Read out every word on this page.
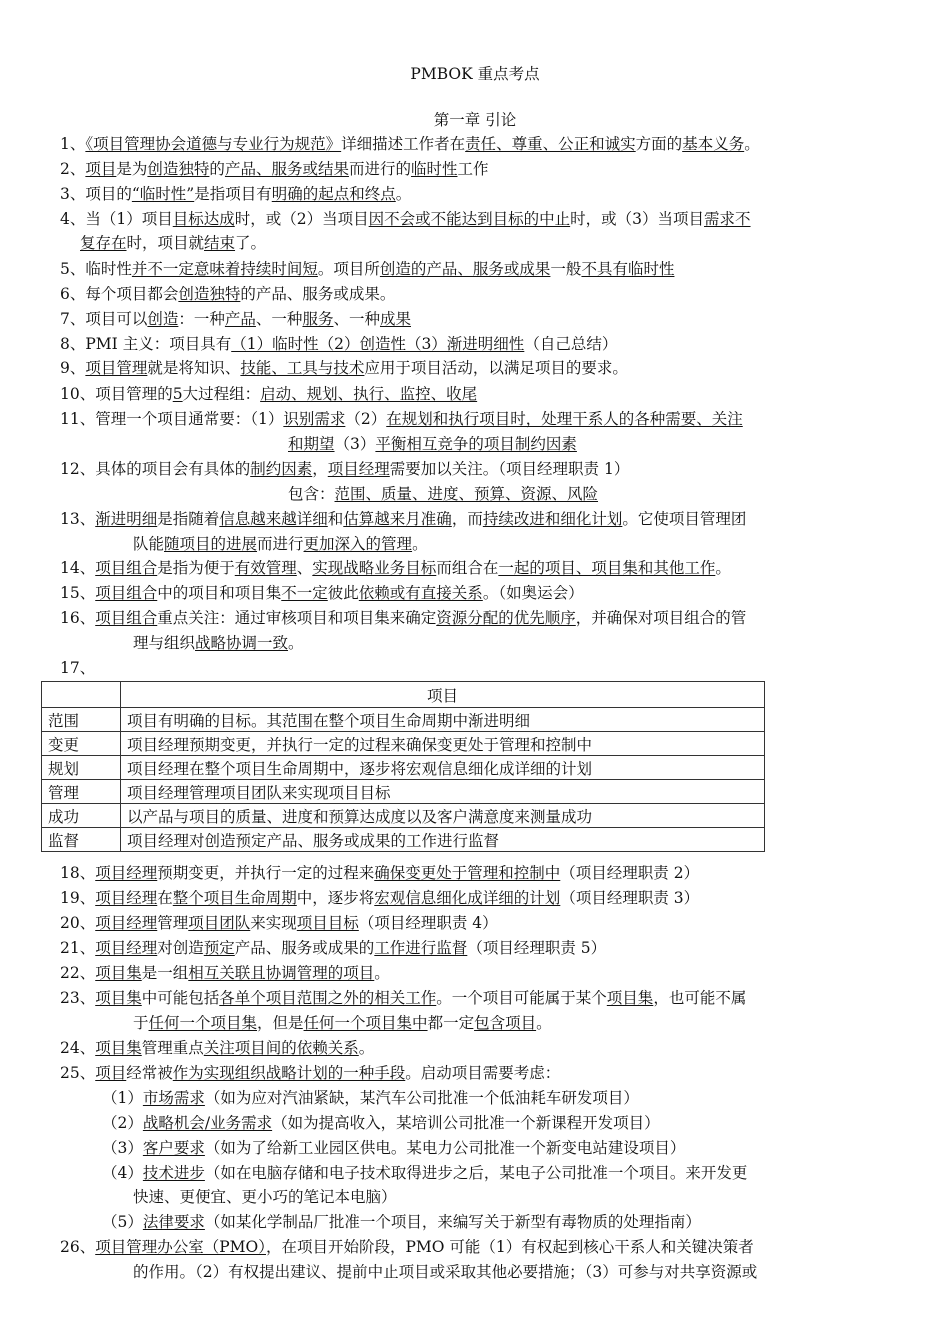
PMBOK 重点考点
第一章 引论
1、《项目管理协会道德与专业行为规范》详细描述工作者在责任、尊重、公正和诚实方面的基本义务。
2、项目是为创造独特的产品、服务或结果而进行的临时性工作
3、项目的“临时性”是指项目有明确的起点和终点。
4、当（1）项目目标达成时，或（2）当项目因不会或不能达到目标的中止时，或（3）当项目需求不
复存在时，项目就结束了。
5、临时性并不一定意味着持续时间短。项目所创造的产品、服务或成果一般不具有临时性
6、每个项目都会创造独特的产品、服务或成果。
7、项目可以创造：一种产品、一种服务、一种成果
8、PMI 主义：项目具有（1）临时性（2）创造性（3）渐进明细性（自己总结）
9、项目管理就是将知识、技能、工具与技术应用于项目活动，以满足项目的要求。
10、项目管理的5大过程组：启动、规划、执行、监控、收尾
11、管理一个项目通常要：（1）识别需求（2）在规划和执行项目时，处理干系人的各种需要、关注
和期望（3）平衡相互竞争的项目制约因素
12、具体的项目会有具体的制约因素，项目经理需要加以关注。（项目经理职责 1）
包含：范围、质量、进度、预算、资源、风险
13、渐进明细是指随着信息越来越详细和估算越来月准确，而持续改进和细化计划。它使项目管理团
队能随项目的进展而进行更加深入的管理。
14、项目组合是指为便于有效管理、实现战略业务目标而组合在一起的项目、项目集和其他工作。
15、项目组合中的项目和项目集不一定彼此依赖或有直接关系。（如奥运会）
16、项目组合重点关注：通过审核项目和项目集来确定资源分配的优先顺序，并确保对项目组合的管
理与组织战略协调一致。
17、
	项目
范围	项目有明确的目标。其范围在整个项目生命周期中渐进明细
变更	项目经理预期变更，并执行一定的过程来确保变更处于管理和控制中
规划	项目经理在整个项目生命周期中，逐步将宏观信息细化成详细的计划
管理	项目经理管理项目团队来实现项目目标
成功	以产品与项目的质量、进度和预算达成度以及客户满意度来测量成功
监督	项目经理对创造预定产品、服务或成果的工作进行监督
18、项目经理预期变更，并执行一定的过程来确保变更处于管理和控制中（项目经理职责 2）
19、项目经理在整个项目生命周期中，逐步将宏观信息细化成详细的计划（项目经理职责 3）
20、项目经理管理项目团队来实现项目目标（项目经理职责 4）
21、项目经理对创造预定产品、服务或成果的工作进行监督（项目经理职责 5）
22、项目集是一组相互关联且协调管理的项目。
23、项目集中可能包括各单个项目范围之外的相关工作。一个项目可能属于某个项目集，也可能不属
于任何一个项目集，但是任何一个项目集中都一定包含项目。
24、项目集管理重点关注项目间的依赖关系。
25、项目经常被作为实现组织战略计划的一种手段。启动项目需要考虑：
（1）市场需求（如为应对汽油紧缺，某汽车公司批准一个低油耗车研发项目）
（2）战略机会/业务需求（如为提高收入，某培训公司批准一个新课程开发项目）
（3）客户要求（如为了给新工业园区供电。某电力公司批准一个新变电站建设项目）
（4）技术进步（如在电脑存储和电子技术取得进步之后，某电子公司批准一个项目。来开发更
快速、更便宜、更小巧的笔记本电脑）
（5）法律要求（如某化学制品厂批准一个项目，来编写关于新型有毒物质的处理指南）
26、项目管理办公室（PMO），在项目开始阶段，PMO 可能（1）有权起到核心干系人和关键决策者
的作用。（2）有权提出建议、提前中止项目或采取其他必要措施；（3）可参与对共享资源或
